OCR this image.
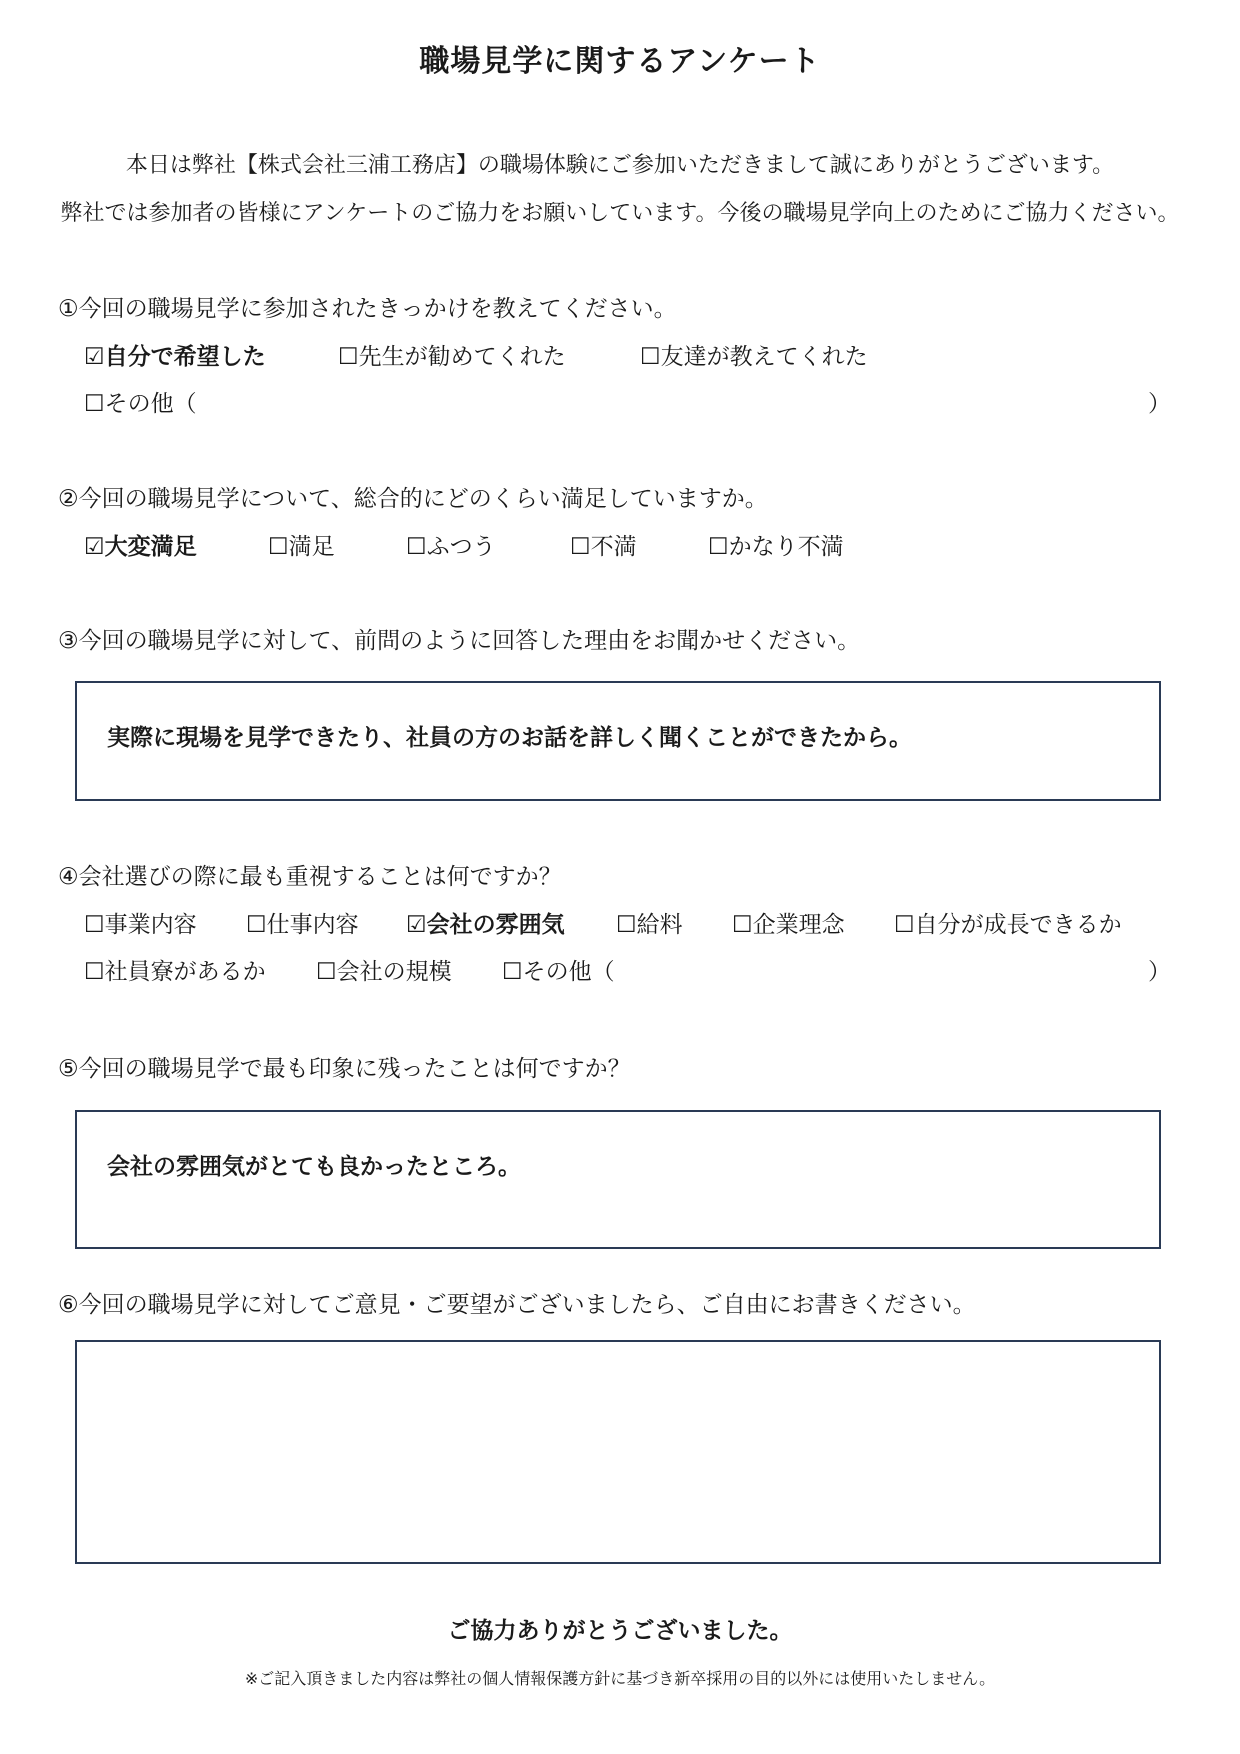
職場見学に関するアンケート
本日は弊社【株式会社三浦工務店】の職場体験にご参加いただきまして誠にありがとうございます。
弊社では参加者の皆様にアンケートのご協力をお願いしています。今後の職場見学向上のためにご協力ください。
①今回の職場見学に参加されたきっかけを教えてください。
☑自分で希望した	☐先生が勧めてくれた	☐友達が教えてくれた
☐その他（	）
②今回の職場見学について、総合的にどのくらい満足していますか。
☑大変満足	☐満足	☐ふつう	☐不満	☐かなり不満
③今回の職場見学に対して、前問のように回答した理由をお聞かせください。
実際に現場を見学できたり、社員の方のお話を詳しく聞くことができたから。
④会社選びの際に最も重視することは何ですか？
☐事業内容 ☐仕事内容 ☑会社の雰囲気 ☐給料 ☐企業理念 ☐自分が成長できるか
☐社員寮があるか ☐会社の規模 ☐その他（	）
⑤今回の職場見学で最も印象に残ったことは何ですか？
会社の雰囲気がとても良かったところ。
⑥今回の職場見学に対してご意見・ご要望がございましたら、ご自由にお書きください。
ご協力ありがとうございました。
※ご記入頂きました内容は弊社の個人情報保護方針に基づき新卒採用の目的以外には使用いたしません。
